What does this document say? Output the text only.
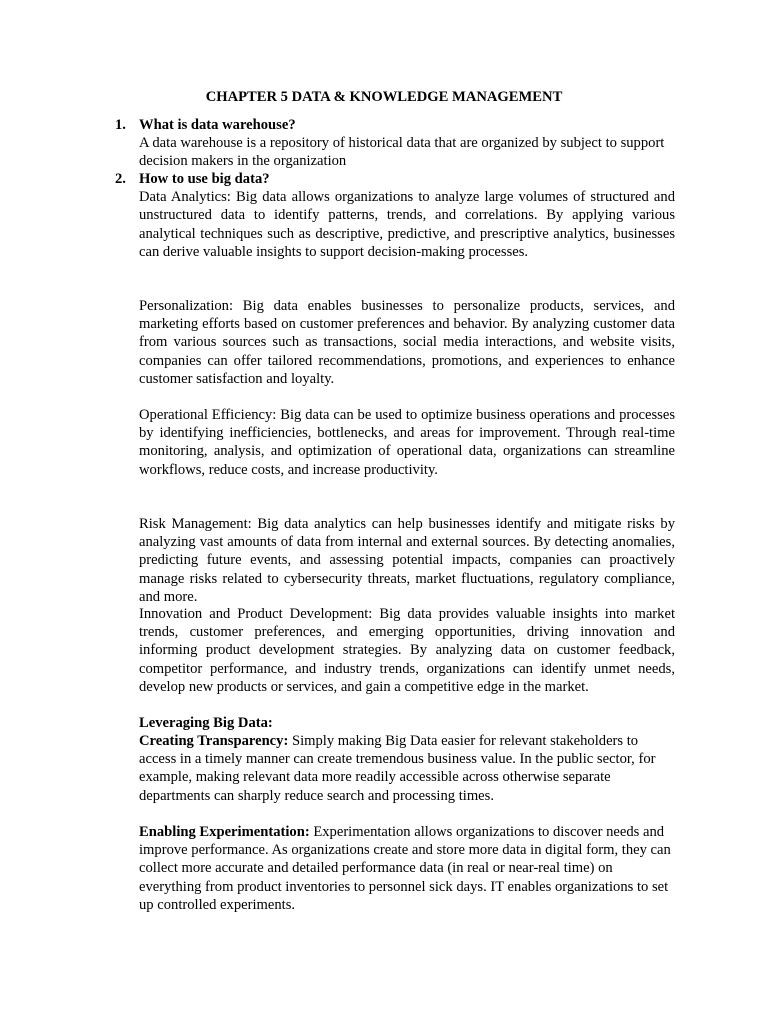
CHAPTER 5 DATA & KNOWLEDGE MANAGEMENT
1. What is data warehouse?
A data warehouse is a repository of historical data that are organized by subject to support decision makers in the organization
2. How to use big data?
Data Analytics: Big data allows organizations to analyze large volumes of structured and unstructured data to identify patterns, trends, and correlations. By applying various analytical techniques such as descriptive, predictive, and prescriptive analytics, businesses can derive valuable insights to support decision-making processes.
Personalization: Big data enables businesses to personalize products, services, and marketing efforts based on customer preferences and behavior. By analyzing customer data from various sources such as transactions, social media interactions, and website visits, companies can offer tailored recommendations, promotions, and experiences to enhance customer satisfaction and loyalty.
Operational Efficiency: Big data can be used to optimize business operations and processes by identifying inefficiencies, bottlenecks, and areas for improvement. Through real-time monitoring, analysis, and optimization of operational data, organizations can streamline workflows, reduce costs, and increase productivity.
Risk Management: Big data analytics can help businesses identify and mitigate risks by analyzing vast amounts of data from internal and external sources. By detecting anomalies, predicting future events, and assessing potential impacts, companies can proactively manage risks related to cybersecurity threats, market fluctuations, regulatory compliance, and more.
Innovation and Product Development: Big data provides valuable insights into market trends, customer preferences, and emerging opportunities, driving innovation and informing product development strategies. By analyzing data on customer feedback, competitor performance, and industry trends, organizations can identify unmet needs, develop new products or services, and gain a competitive edge in the market.
Leveraging Big Data:
Creating Transparency: Simply making Big Data easier for relevant stakeholders to access in a timely manner can create tremendous business value. In the public sector, for example, making relevant data more readily accessible across otherwise separate departments can sharply reduce search and processing times.
Enabling Experimentation: Experimentation allows organizations to discover needs and improve performance. As organizations create and store more data in digital form, they can collect more accurate and detailed performance data (in real or near-real time) on everything from product inventories to personnel sick days. IT enables organizations to set up controlled experiments.
